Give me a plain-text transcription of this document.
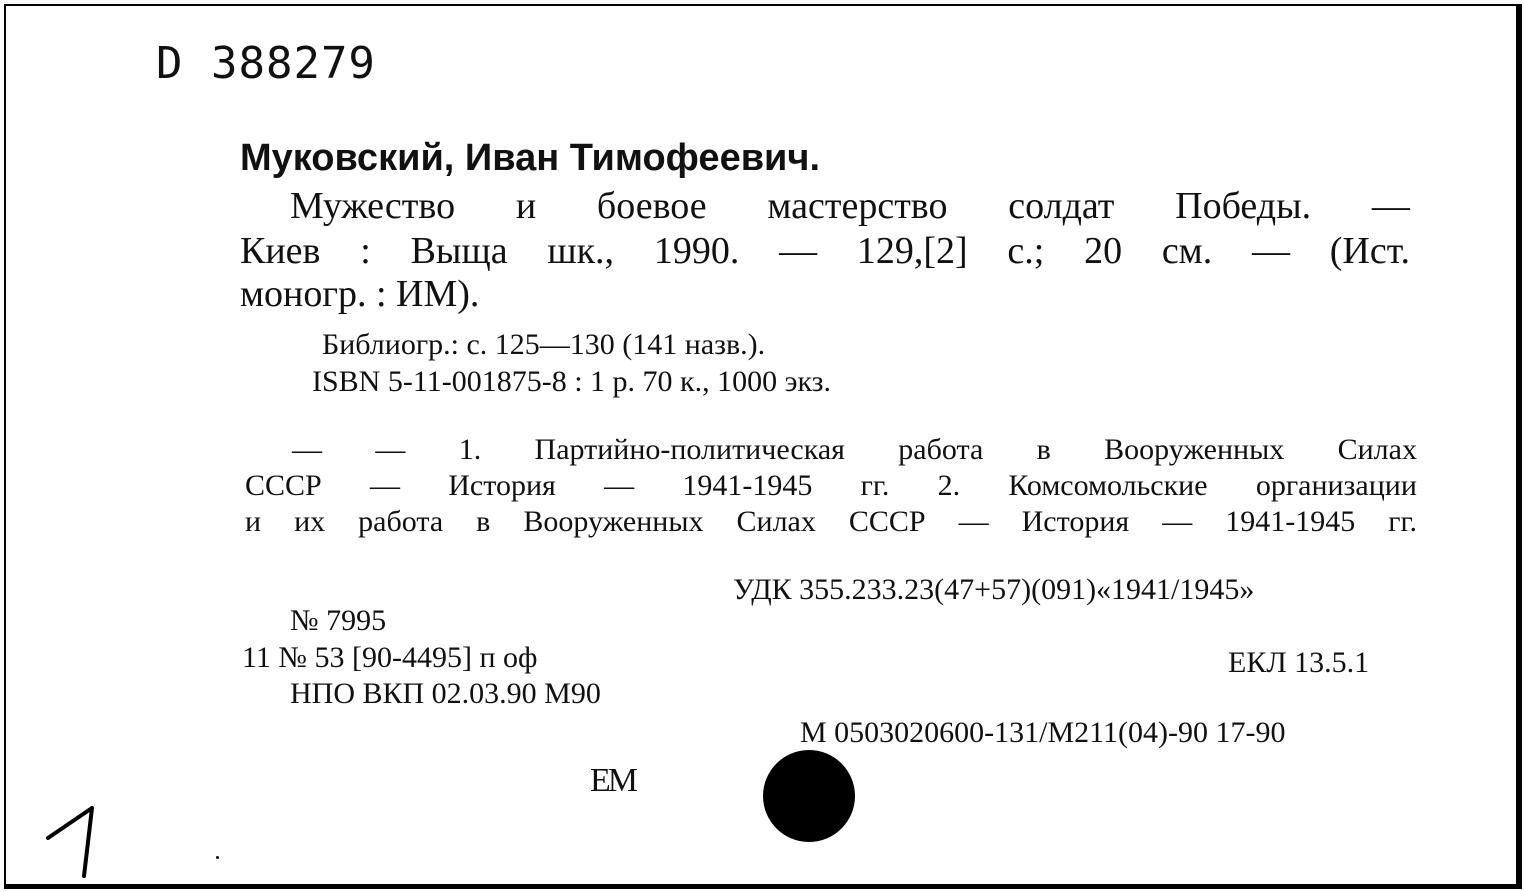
D 388279
Муковский, Иван Тимофеевич.
Мужество и боевое мастерство солдат Победы. —
Киев : Выща шк., 1990. — 129,[2] с.; 20 см. — (Ист.
моногр. : ИМ).
Библиогр.: с. 125—130 (141 назв.).
ISBN 5-11-001875-8 : 1 р. 70 к., 1000 экз.
— — 1. Партийно-политическая работа в Вооруженных Силах
СССР — История — 1941-1945 гг. 2. Комсомольские организации
и их работа в Вооруженных Силах СССР — История — 1941-1945 гг.
УДК 355.233.23(47+57)(091)«1941/1945»
№ 7995
11 № 53 [90-4495] п оф	ЕКЛ 13.5.1
НПО ВКП 02.03.90 М90
М 0503020600-131/М211(04)-90 17-90
ЕМ
